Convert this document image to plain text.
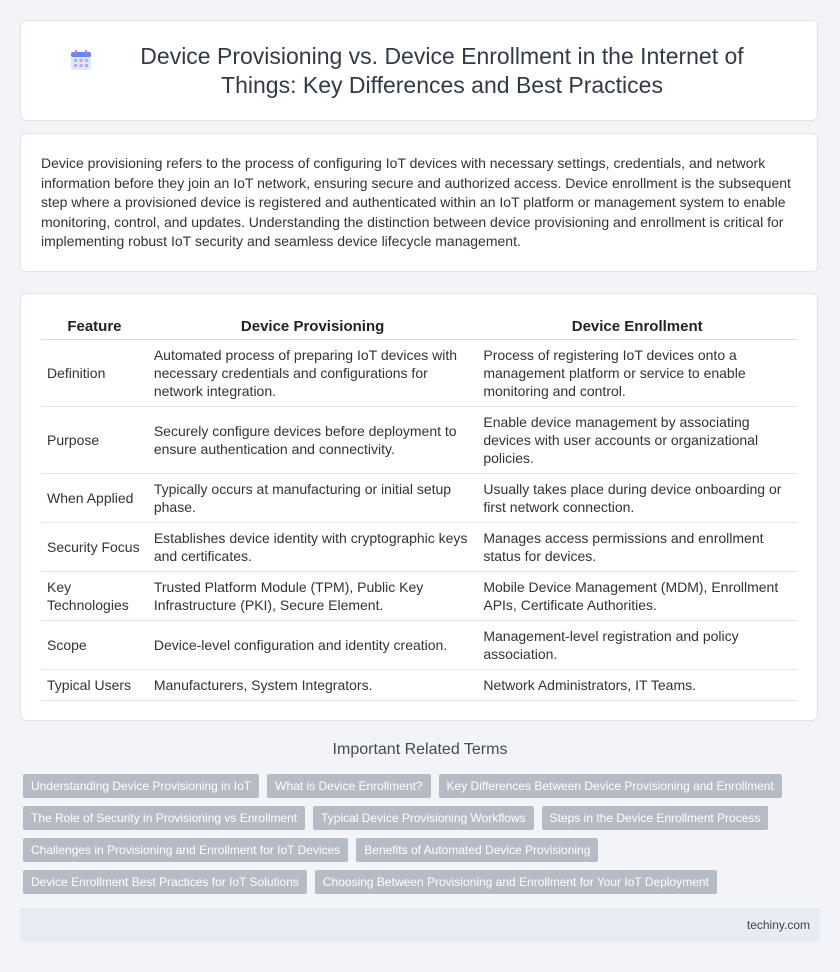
Device Provisioning vs. Device Enrollment in the Internet of Things: Key Differences and Best Practices

Device provisioning refers to the process of configuring IoT devices with necessary settings, credentials, and network information before they join an IoT network, ensuring secure and authorized access. Device enrollment is the subsequent step where a provisioned device is registered and authenticated within an IoT platform or management system to enable monitoring, control, and updates. Understanding the distinction between device provisioning and enrollment is critical for implementing robust IoT security and seamless device lifecycle management.

Feature	Device Provisioning	Device Enrollment
Definition	Automated process of preparing IoT devices with necessary credentials and configurations for network integration.	Process of registering IoT devices onto a management platform or service to enable monitoring and control.
Purpose	Securely configure devices before deployment to ensure authentication and connectivity.	Enable device management by associating devices with user accounts or organizational policies.
When Applied	Typically occurs at manufacturing or initial setup phase.	Usually takes place during device onboarding or first network connection.
Security Focus	Establishes device identity with cryptographic keys and certificates.	Manages access permissions and enrollment status for devices.
Key Technologies	Trusted Platform Module (TPM), Public Key Infrastructure (PKI), Secure Element.	Mobile Device Management (MDM), Enrollment APIs, Certificate Authorities.
Scope	Device-level configuration and identity creation.	Management-level registration and policy association.
Typical Users	Manufacturers, System Integrators.	Network Administrators, IT Teams.
Important Related Terms
Understanding Device Provisioning in IoT	What is Device Enrollment?	Key Differences Between Device Provisioning and Enrollment
The Role of Security in Provisioning vs Enrollment	Typical Device Provisioning Workflows	Steps in the Device Enrollment Process
Challenges in Provisioning and Enrollment for IoT Devices	Benefits of Automated Device Provisioning
Device Enrollment Best Practices for IoT Solutions	Choosing Between Provisioning and Enrollment for Your IoT Deployment
techiny.com
